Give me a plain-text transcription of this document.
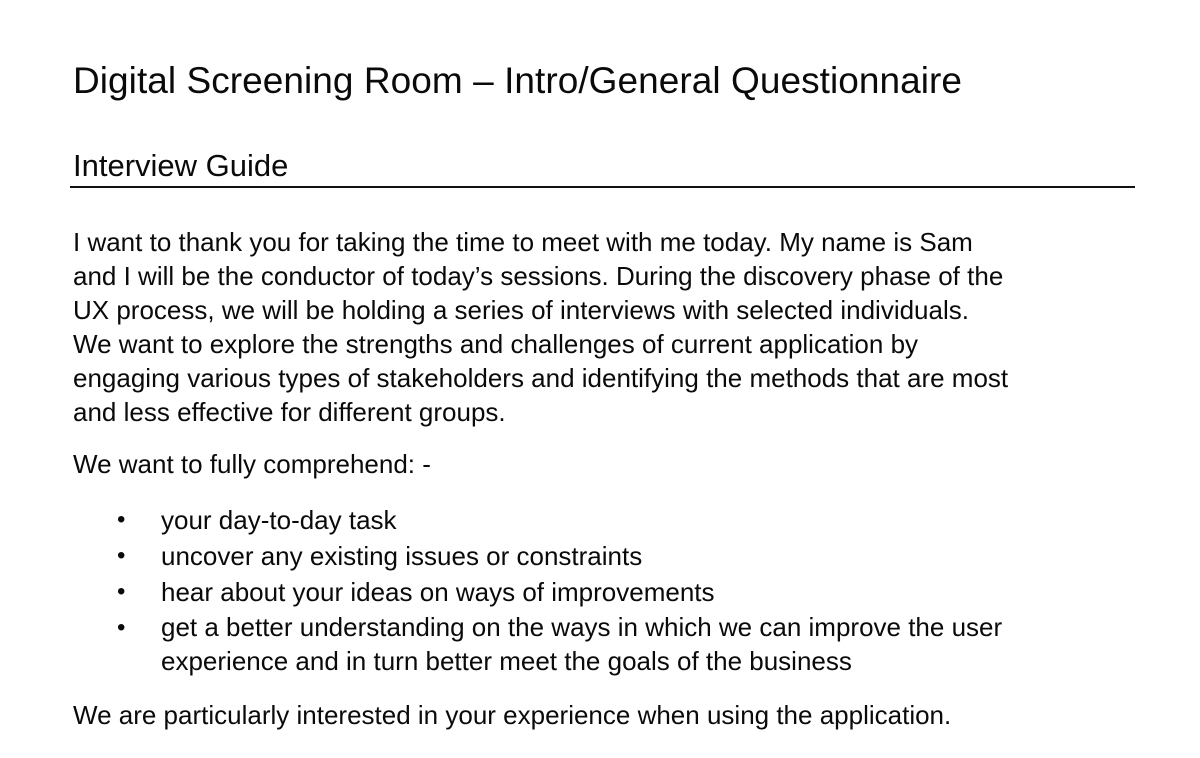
Digital Screening Room – Intro/General Questionnaire
Interview Guide

I want to thank you for taking the time to meet with me today. My name is Sam
and I will be the conductor of today’s sessions. During the discovery phase of the
UX process, we will be holding a series of interviews with selected individuals.
We want to explore the strengths and challenges of current application by
engaging various types of stakeholders and identifying the methods that are most
and less effective for different groups.

We want to fully comprehend: -

• your day-to-day task
• uncover any existing issues or constraints
• hear about your ideas on ways of improvements
• get a better understanding on the ways in which we can improve the user
experience and in turn better meet the goals of the business

We are particularly interested in your experience when using the application.
